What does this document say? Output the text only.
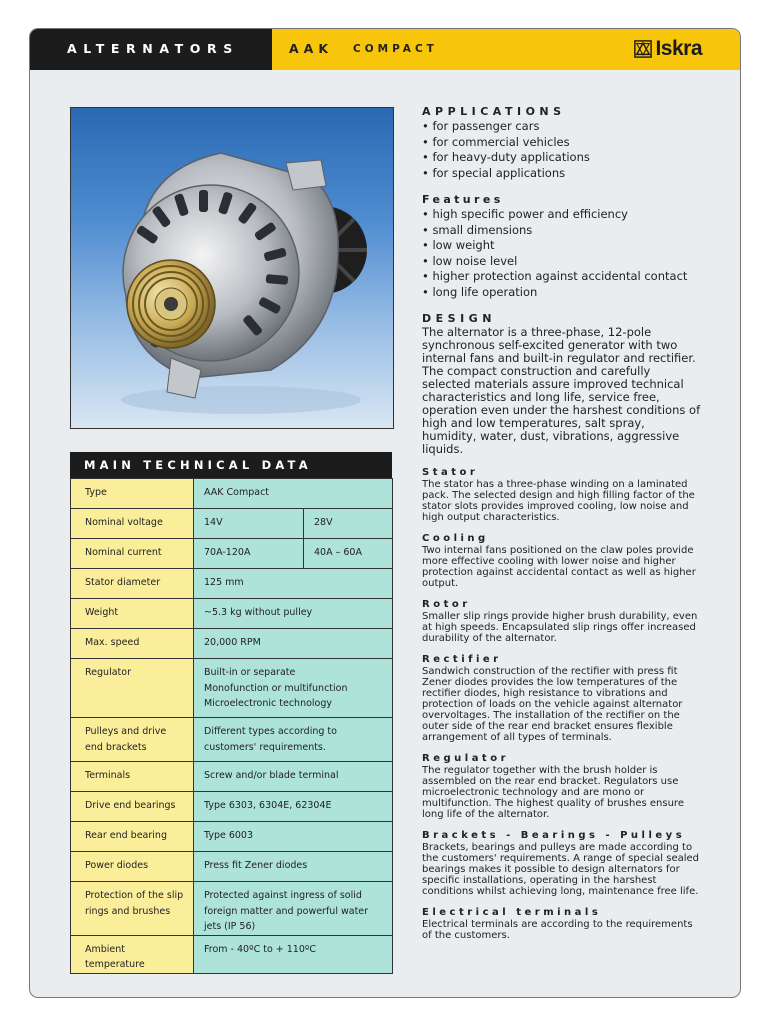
ALTERNATORS	AAK COMPACT	Iskra
MAIN TECHNICAL DATA
Type	AAK Compact	
Nominal voltage	14V	28V
Nominal current	70A-120A	40A – 60A
Stator diameter	125 mm	
Weight	~5.3 kg without pulley	
Max. speed	20,000 RPM	
Regulator	Built-in or separate
Monofunction or multifunction
Microelectronic technology	

Pulleys and drive end brackets	Different types according to customers' requirements.	
Terminals	Screw and/or blade terminal	
Drive end bearings	Type 6303, 6304E, 62304E	
Rear end bearing	Type 6003	
Power diodes	Press fit Zener diodes	
Protection of the slip rings and brushes	Protected against ingress of solid foreign matter and powerful water jets (IP 56)	
Ambient temperature	From - 40ºC to + 110ºC	
APPLICATIONS
• for passenger cars
• for commercial vehicles
• for heavy-duty applications
• for special applications
Features
• high specific power and efficiency
• small dimensions
• low weight
• low noise level
• higher protection against accidental contact
• long life operation
DESIGN
The alternator is a three-phase, 12-pole synchronous self-excited generator with two internal fans and built-in regulator and rectifier. The compact construction and carefully selected materials assure improved technical characteristics and long life, service free, operation even under the harshest conditions of high and low temperatures, salt spray, humidity, water, dust, vibrations, aggressive liquids.
Stator
The stator has a three-phase winding on a laminated pack. The selected design and high filling factor of the stator slots provides improved cooling, low noise and high output characteristics.
Cooling
Two internal fans positioned on the claw poles provide more effective cooling with lower noise and higher protection against accidental contact as well as higher output.
Rotor
Smaller slip rings provide higher brush durability, even at high speeds. Encapsulated slip rings offer increased durability of the alternator.
Rectifier
Sandwich construction of the rectifier with press fit Zener diodes provides the low temperatures of the rectifier diodes, high resistance to vibrations and protection of loads on the vehicle against alternator overvoltages. The installation of the rectifier on the outer side of the rear end bracket ensures flexible arrangement of all types of terminals.
Regulator
The regulator together with the brush holder is assembled on the rear end bracket. Regulators use microelectronic technology and are mono or multifunction. The highest quality of brushes ensure long life of the alternator.
Brackets - Bearings - Pulleys
Brackets, bearings and pulleys are made according to the customers' requirements. A range of special sealed bearings makes it possible to design alternators for specific installations, operating in the harshest conditions whilst achieving long, maintenance free life.
Electrical terminals
Electrical terminals are according to the requirements of the customers.
